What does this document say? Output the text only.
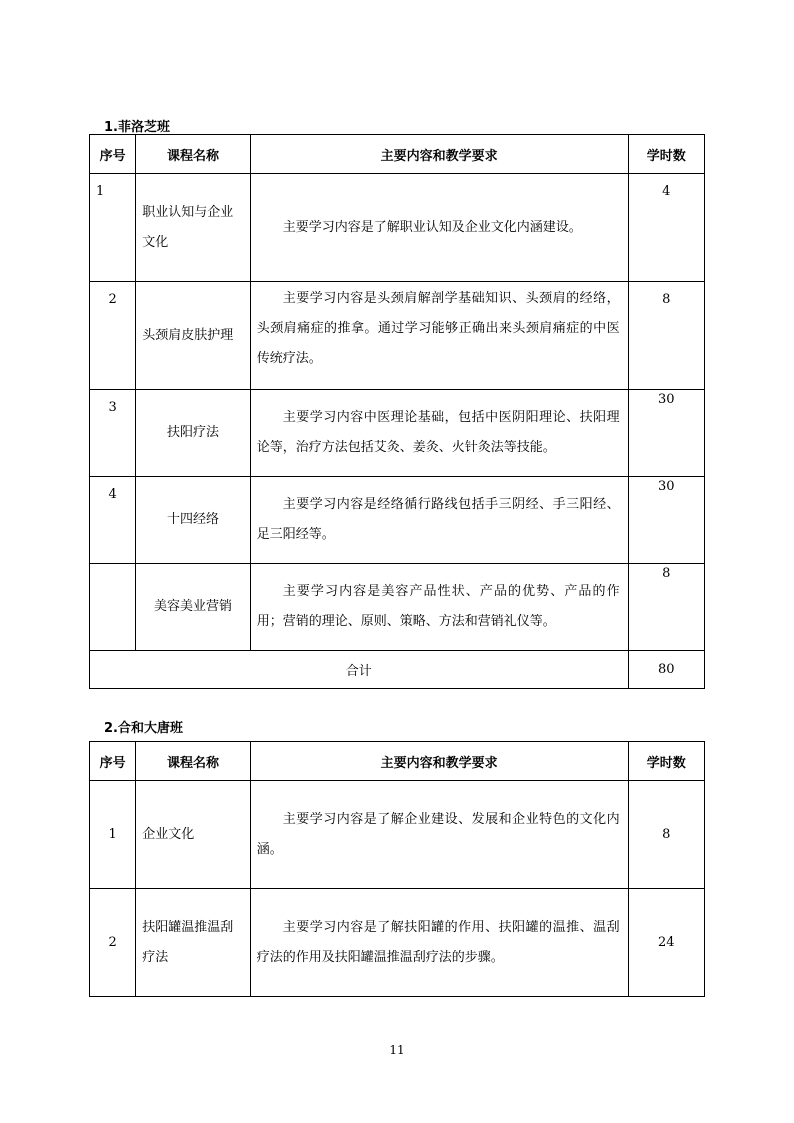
1.菲洛芝班
序号	课程名称	主要内容和教学要求	学时数
1	职业认知与企业文化	主要学习内容是了解职业认知及企业文化内涵建设。	4
2	头颈肩皮肤护理	主要学习内容是头颈肩解剖学基础知识、头颈肩的经络，头颈肩痛症的推拿。通过学习能够正确出来头颈肩痛症的中医传统疗法。	8
3	扶阳疗法	主要学习内容中医理论基础，包括中医阴阳理论、扶阳理论等，治疗方法包括艾灸、姜灸、火针灸法等技能。	30
4	十四经络	主要学习内容是经络循行路线包括手三阴经、手三阳经、足三阳经等。	30
	美容美业营销	主要学习内容是美容产品性状、产品的优势、产品的作用；营销的理论、原则、策略、方法和营销礼仪等。	8
合计			80
2.合和大唐班
序号	课程名称	主要内容和教学要求	学时数
1	企业文化	主要学习内容是了解企业建设、发展和企业特色的文化内涵。	8
2	扶阳罐温推温刮疗法	主要学习内容是了解扶阳罐的作用、扶阳罐的温推、温刮疗法的作用及扶阳罐温推温刮疗法的步骤。	24
11
